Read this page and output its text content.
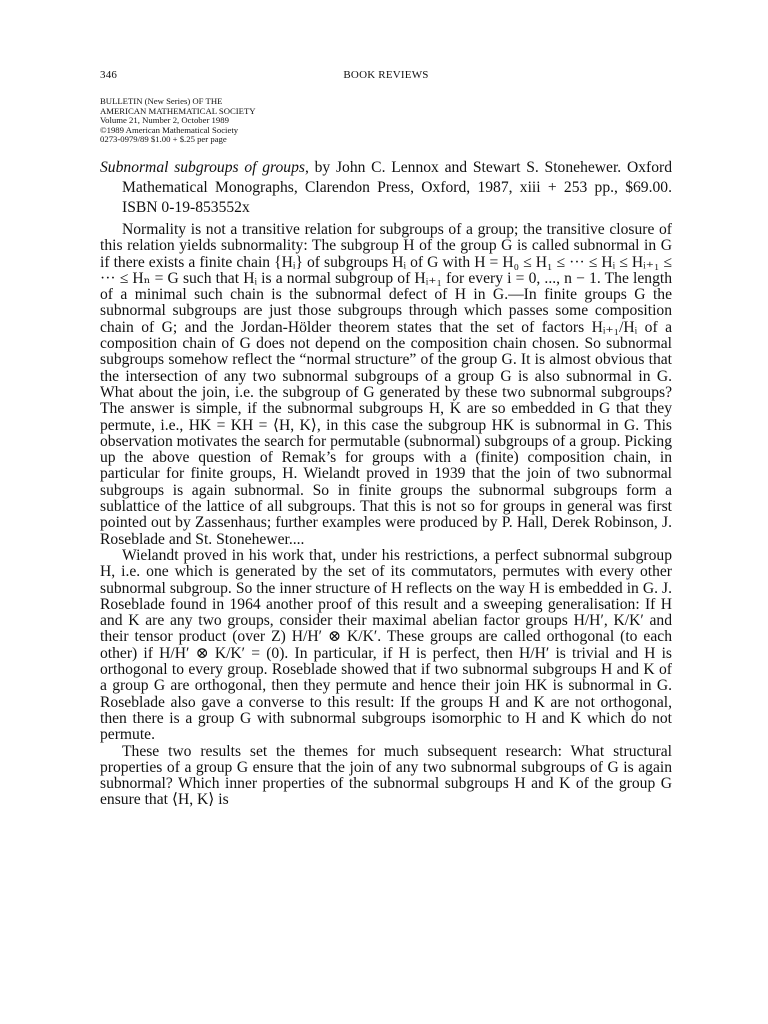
346	BOOK REVIEWS
BULLETIN (New Series) OF THE
AMERICAN MATHEMATICAL SOCIETY
Volume 21, Number 2, October 1989
©1989 American Mathematical Society
0273-0979/89 $1.00 + $.25 per page
Subnormal subgroups of groups, by John C. Lennox and Stewart S. Stonehewer. Oxford Mathematical Monographs, Clarendon Press, Oxford, 1987, xiii + 253 pp., $69.00. ISBN 0-19-853552x

Normality is not a transitive relation for subgroups of a group; the transitive closure of this relation yields subnormality: The subgroup H of the group G is called subnormal in G if there exists a finite chain {Hᵢ} of subgroups Hᵢ of G with H = H₀ ≤ H₁ ≤ ··· ≤ Hᵢ ≤ Hᵢ₊₁ ≤ ··· ≤ Hₙ = G such that Hᵢ is a normal subgroup of Hᵢ₊₁ for every i = 0, ..., n − 1. The length of a minimal such chain is the subnormal defect of H in G.—In finite groups G the subnormal subgroups are just those subgroups through which passes some composition chain of G; and the Jordan-Hölder theorem states that the set of factors Hᵢ₊₁/Hᵢ of a composition chain of G does not depend on the composition chain chosen. So subnormal subgroups somehow reflect the “normal structure” of the group G. It is almost obvious that the intersection of any two subnormal subgroups of a group G is also subnormal in G. What about the join, i.e. the subgroup of G generated by these two subnormal subgroups? The answer is simple, if the subnormal subgroups H, K are so embedded in G that they permute, i.e., HK = KH = ⟨H, K⟩, in this case the subgroup HK is subnormal in G. This observation motivates the search for permutable (subnormal) subgroups of a group. Picking up the above question of Remak’s for groups with a (finite) composition chain, in particular for finite groups, H. Wielandt proved in 1939 that the join of two subnormal subgroups is again subnormal. So in finite groups the subnormal subgroups form a sublattice of the lattice of all subgroups. That this is not so for groups in general was first pointed out by Zassenhaus; further examples were produced by P. Hall, Derek Robinson, J. Roseblade and St. Stonehewer....

Wielandt proved in his work that, under his restrictions, a perfect subnormal subgroup H, i.e. one which is generated by the set of its commutators, permutes with every other subnormal subgroup. So the inner structure of H reflects on the way H is embedded in G. J. Roseblade found in 1964 another proof of this result and a sweeping generalisation: If H and K are any two groups, consider their maximal abelian factor groups H/H′, K/K′ and their tensor product (over Z) H/H′ ⊗ K/K′. These groups are called orthogonal (to each other) if H/H′ ⊗ K/K′ = (0). In particular, if H is perfect, then H/H′ is trivial and H is orthogonal to every group. Roseblade showed that if two subnormal subgroups H and K of a group G are orthogonal, then they permute and hence their join HK is subnormal in G. Roseblade also gave a converse to this result: If the groups H and K are not orthogonal, then there is a group G with subnormal subgroups isomorphic to H and K which do not permute.

These two results set the themes for much subsequent research: What structural properties of a group G ensure that the join of any two subnormal subgroups of G is again subnormal? Which inner properties of the subnormal subgroups H and K of the group G ensure that ⟨H, K⟩ is
